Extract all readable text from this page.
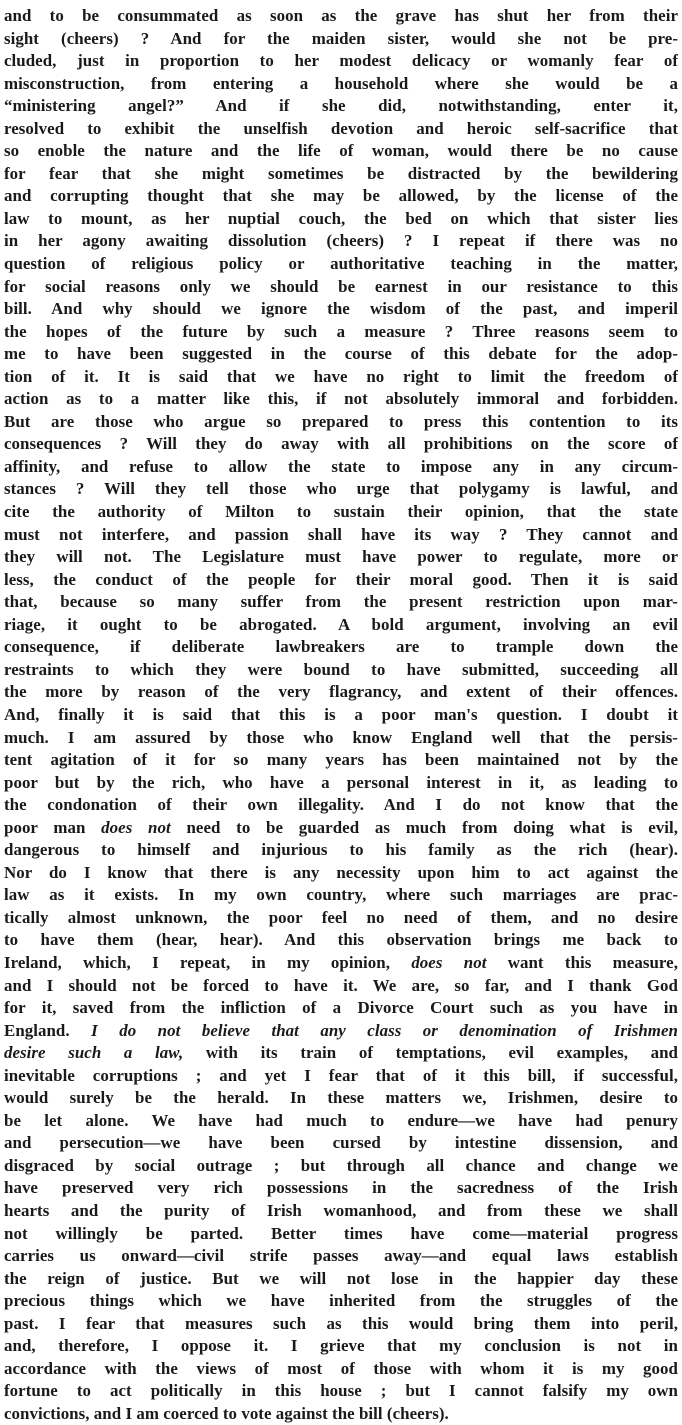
and to be consummated as soon as the grave has shut her from their
sight (cheers) ? And for the maiden sister, would she not be pre-
cluded, just in proportion to her modest delicacy or womanly fear of
misconstruction, from entering a household where she would be a
“ministering angel?” And if she did, notwithstanding, enter it,
resolved to exhibit the unselfish devotion and heroic self-sacrifice that
so enoble the nature and the life of woman, would there be no cause
for fear that she might sometimes be distracted by the bewildering
and corrupting thought that she may be allowed, by the license of the
law to mount, as her nuptial couch, the bed on which that sister lies
in her agony awaiting dissolution (cheers) ? I repeat if there was no
question of religious policy or authoritative teaching in the matter,
for social reasons only we should be earnest in our resistance to this
bill. And why should we ignore the wisdom of the past, and imperil
the hopes of the future by such a measure ? Three reasons seem to
me to have been suggested in the course of this debate for the adop-
tion of it. It is said that we have no right to limit the freedom of
action as to a matter like this, if not absolutely immoral and forbidden.
But are those who argue so prepared to press this contention to its
consequences ? Will they do away with all prohibitions on the score of
affinity, and refuse to allow the state to impose any in any circum-
stances ? Will they tell those who urge that polygamy is lawful, and
cite the authority of Milton to sustain their opinion, that the state
must not interfere, and passion shall have its way ? They cannot and
they will not. The Legislature must have power to regulate, more or
less, the conduct of the people for their moral good. Then it is said
that, because so many suffer from the present restriction upon mar-
riage, it ought to be abrogated. A bold argument, involving an evil
consequence, if deliberate lawbreakers are to trample down the
restraints to which they were bound to have submitted, succeeding all
the more by reason of the very flagrancy, and extent of their offences.
And, finally it is said that this is a poor man's question. I doubt it
much. I am assured by those who know England well that the persis-
tent agitation of it for so many years has been maintained not by the
poor but by the rich, who have a personal interest in it, as leading to
the condonation of their own illegality. And I do not know that the
poor man does not need to be guarded as much from doing what is evil,
dangerous to himself and injurious to his family as the rich (hear).
Nor do I know that there is any necessity upon him to act against the
law as it exists. In my own country, where such marriages are prac-
tically almost unknown, the poor feel no need of them, and no desire
to have them (hear, hear). And this observation brings me back to
Ireland, which, I repeat, in my opinion, does not want this measure,
and I should not be forced to have it. We are, so far, and I thank God
for it, saved from the infliction of a Divorce Court such as you have in
England. I do not believe that any class or denomination of Irishmen
desire such a law, with its train of temptations, evil examples, and
inevitable corruptions ; and yet I fear that of it this bill, if successful,
would surely be the herald. In these matters we, Irishmen, desire to
be let alone. We have had much to endure—we have had penury
and persecution—we have been cursed by intestine dissension, and
disgraced by social outrage ; but through all chance and change we
have preserved very rich possessions in the sacredness of the Irish
hearts and the purity of Irish womanhood, and from these we shall
not willingly be parted. Better times have come—material progress
carries us onward—civil strife passes away—and equal laws establish
the reign of justice. But we will not lose in the happier day these
precious things which we have inherited from the struggles of the
past. I fear that measures such as this would bring them into peril,
and, therefore, I oppose it. I grieve that my conclusion is not in
accordance with the views of most of those with whom it is my good
fortune to act politically in this house ; but I cannot falsify my own
convictions, and I am coerced to vote against the bill (cheers).
